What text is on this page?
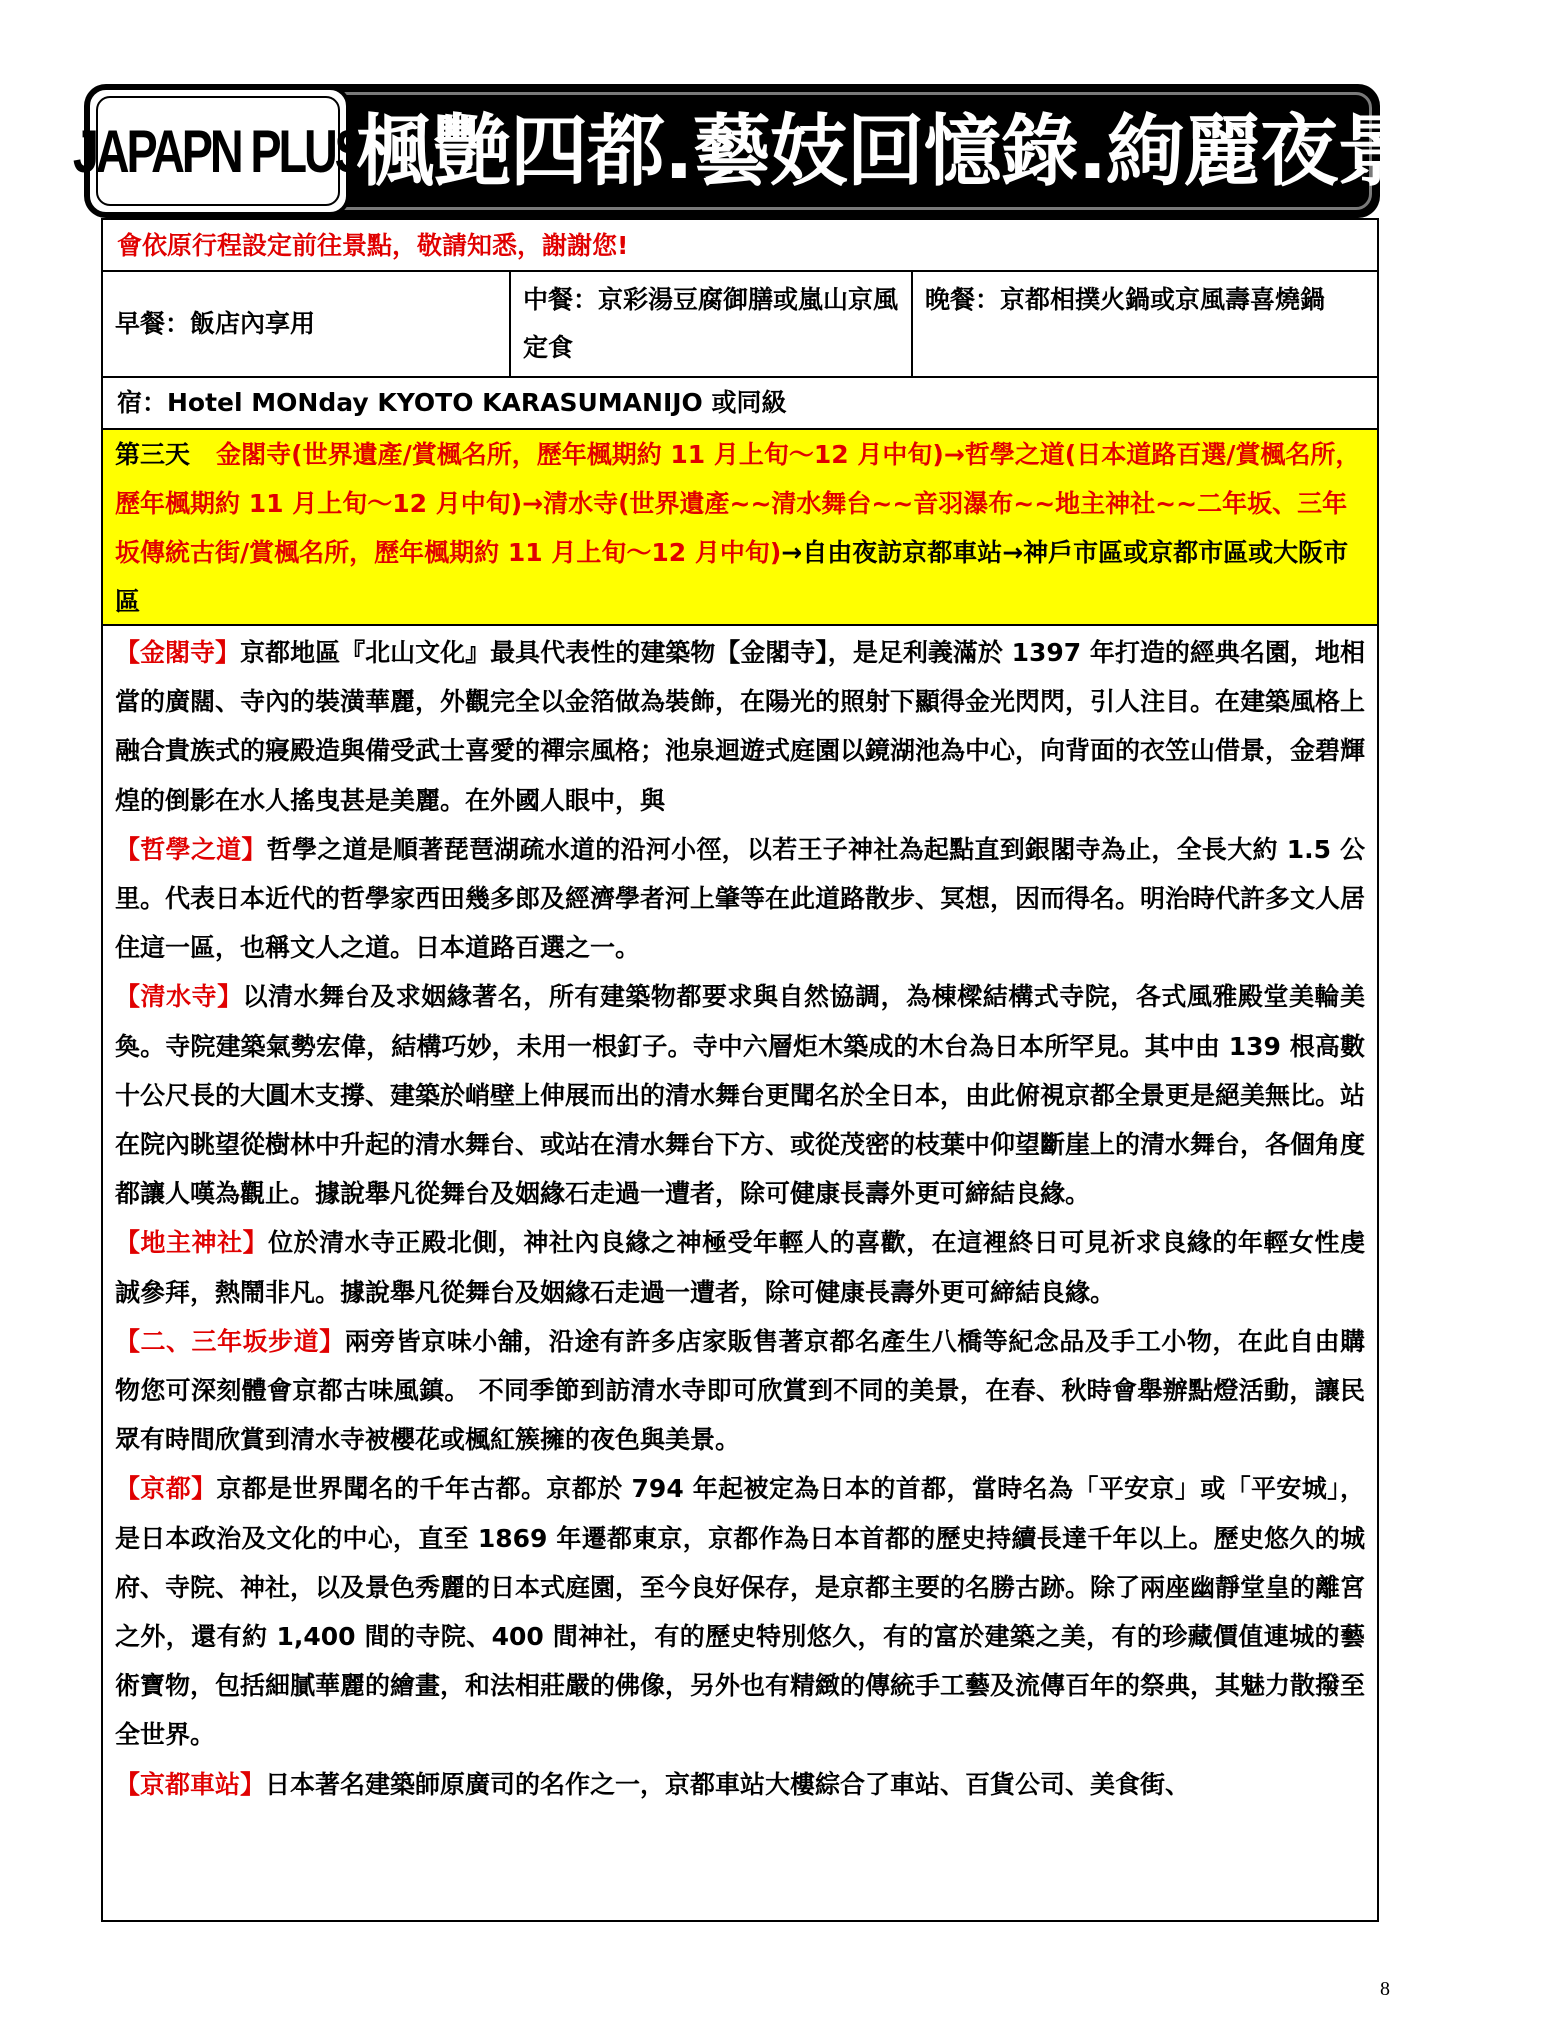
JAPAPN PLUS
楓艷四都.藝妓回憶錄.絢麗夜景五日
會依原行程設定前往景點，敬請知悉，謝謝您!
早餐：飯店內享用
中餐：京彩湯豆腐御膳或嵐山京風定食
晚餐：京都相撲火鍋或京風壽喜燒鍋
宿：Hotel MONday KYOTO KARASUMANIJO 或同級
第三天 金閣寺(世界遺產/賞楓名所，歷年楓期約 11 月上旬～12 月中旬)→哲學之道(日本道路百選/賞楓名所，歷年楓期約 11 月上旬～12 月中旬)→清水寺(世界遺產~~清水舞台~~音羽瀑布~~地主神社~~二年坂、三年坂傳統古街/賞楓名所，歷年楓期約 11 月上旬～12 月中旬)→自由夜訪京都車站→神戶市區或京都市區或大阪市區

【金閣寺】京都地區『北山文化』最具代表性的建築物【金閣寺】，是足利義滿於 1397 年打造的經典名園，地相當的廣闊、寺內的裝潢華麗，外觀完全以金箔做為裝飾，在陽光的照射下顯得金光閃閃，引人注目。在建築風格上融合貴族式的寢殿造與備受武士喜愛的禪宗風格；池泉迴遊式庭園以鏡湖池為中心，向背面的衣笠山借景，金碧輝煌的倒影在水人搖曳甚是美麗。在外國人眼中，與

【哲學之道】哲學之道是順著琵琶湖疏水道的沿河小徑，以若王子神社為起點直到銀閣寺為止，全長大約 1.5 公里。代表日本近代的哲學家西田幾多郎及經濟學者河上肇等在此道路散步、冥想，因而得名。明治時代許多文人居住這一區，也稱文人之道。日本道路百選之一。

【清水寺】以清水舞台及求姻緣著名，所有建築物都要求與自然協調，為棟樑結構式寺院，各式風雅殿堂美輪美奐。寺院建築氣勢宏偉，結構巧妙，未用一根釘子。寺中六層炬木築成的木台為日本所罕見。其中由 139 根高數十公尺長的大圓木支撐、建築於峭壁上伸展而出的清水舞台更聞名於全日本，由此俯視京都全景更是絕美無比。站在院內眺望從樹林中升起的清水舞台、或站在清水舞台下方、或從茂密的枝葉中仰望斷崖上的清水舞台，各個角度都讓人嘆為觀止。據說舉凡從舞台及姻緣石走過一遭者，除可健康長壽外更可締結良緣。

【地主神社】位於清水寺正殿北側，神社內良緣之神極受年輕人的喜歡，在這裡終日可見祈求良緣的年輕女性虔誠參拜，熱鬧非凡。據說舉凡從舞台及姻緣石走過一遭者，除可健康長壽外更可締結良緣。

【二、三年坂步道】兩旁皆京味小舖，沿途有許多店家販售著京都名產生八橋等紀念品及手工小物，在此自由購物您可深刻體會京都古味風鎮。 不同季節到訪清水寺即可欣賞到不同的美景，在春、秋時會舉辦點燈活動，讓民眾有時間欣賞到清水寺被櫻花或楓紅簇擁的夜色與美景。

【京都】京都是世界聞名的千年古都。京都於 794 年起被定為日本的首都，當時名為「平安京」或「平安城」，是日本政治及文化的中心，直至 1869 年遷都東京，京都作為日本首都的歷史持續長達千年以上。歷史悠久的城府、寺院、神社，以及景色秀麗的日本式庭園，至今良好保存，是京都主要的名勝古跡。除了兩座幽靜堂皇的離宮之外，還有約 1,400 間的寺院、400 間神社，有的歷史特別悠久，有的富於建築之美，有的珍藏價值連城的藝術寶物，包括細膩華麗的繪畫，和法相莊嚴的佛像，另外也有精緻的傳統手工藝及流傳百年的祭典，其魅力散撥至全世界。

【京都車站】日本著名建築師原廣司的名作之一，京都車站大樓綜合了車站、百貨公司、美食街、

8
